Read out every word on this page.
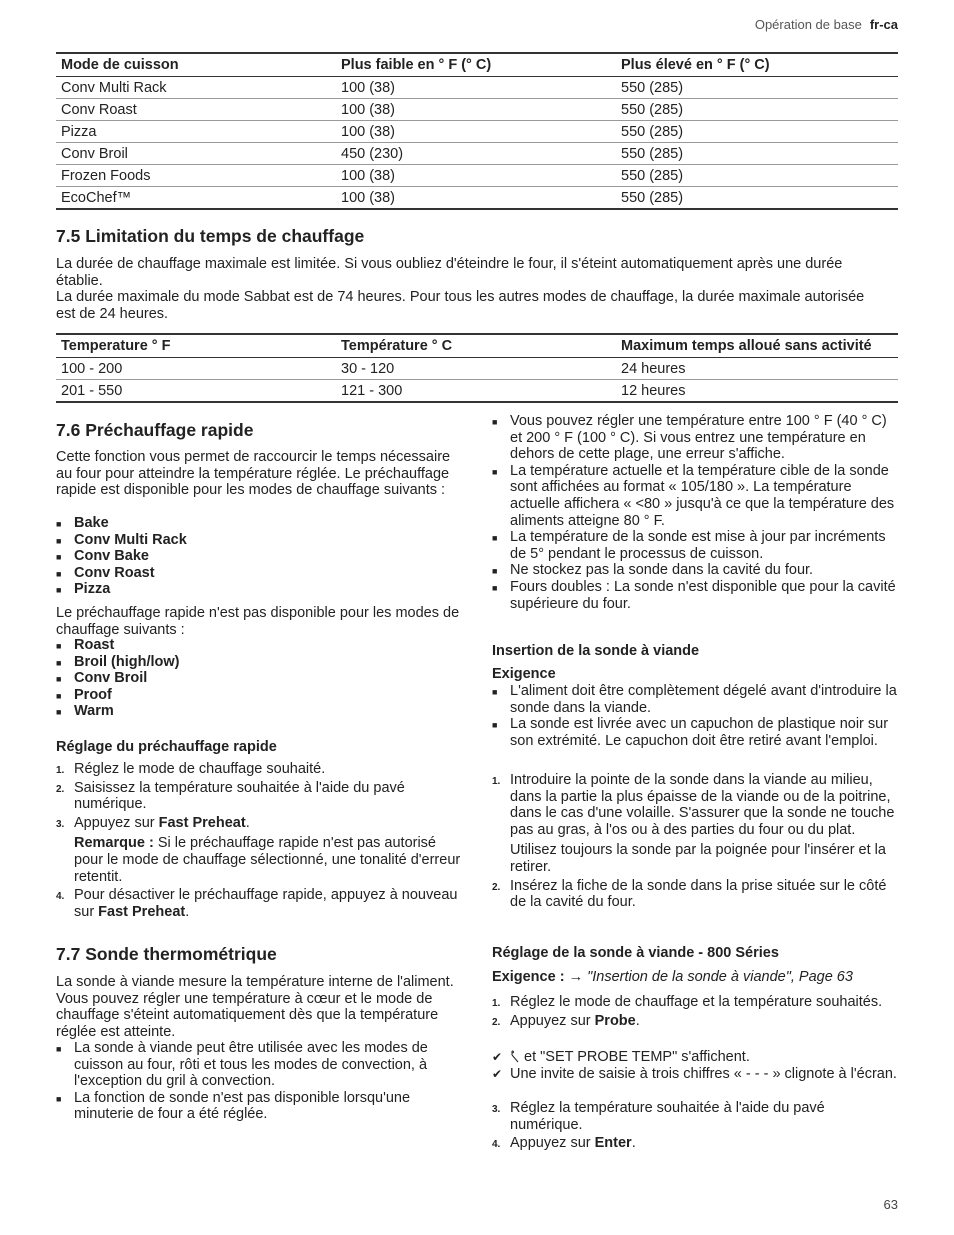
Opération de base fr-ca
Mode de cuisson	Plus faible en ° F (° C)	Plus élevé en ° F (° C)
Conv Multi Rack	100 (38)	550 (285)
Conv Roast	100 (38)	550 (285)
Pizza	100 (38)	550 (285)
Conv Broil	450 (230)	550 (285)
Frozen Foods	100 (38)	550 (285)
EcoChef™	100 (38)	550 (285)
7.5 Limitation du temps de chauffage

La durée de chauffage maximale est limitée. Si vous oubliez d'éteindre le four, il s'éteint automatiquement après une durée établie.

La durée maximale du mode Sabbat est de 74 heures. Pour tous les autres modes de chauffage, la durée maximale autorisée est de 24 heures.

Temperature ° F	Température ° C	Maximum temps alloué sans activité
100 - 200	30 - 120	24 heures
201 - 550	121 - 300	12 heures
7.6 Préchauffage rapide

Cette fonction vous permet de raccourcir le temps nécessaire au four pour atteindre la température réglée. Le préchauffage rapide est disponible pour les modes de chauffage suivants :

■ Bake
■ Conv Multi Rack
■ Conv Bake
■ Conv Roast
■ Pizza

Le préchauffage rapide n'est pas disponible pour les modes de chauffage suivants :

■ Roast
■ Broil (high/low)
■ Conv Broil
■ Proof
■ Warm
Réglage du préchauffage rapide
1. Réglez le mode de chauffage souhaité.
2. Saisissez la température souhaitée à l'aide du pavé numérique.
3. Appuyez sur Fast Preheat.
Remarque : Si le préchauffage rapide n'est pas autorisé pour le mode de chauffage sélectionné, une tonalité d'erreur retentit.
4. Pour désactiver le préchauffage rapide, appuyez à nouveau sur Fast Preheat.
7.7 Sonde thermométrique

La sonde à viande mesure la température interne de l'aliment. Vous pouvez régler une température à cœur et le mode de chauffage s'éteint automatiquement dès que la température réglée est atteinte.

■ La sonde à viande peut être utilisée avec les modes de cuisson au four, rôti et tous les modes de convection, à l'exception du gril à convection.
■ La fonction de sonde n'est pas disponible lorsqu'une minuterie de four a été réglée.
■ Vous pouvez régler une température entre 100 ° F (40 ° C) et 200 ° F (100 ° C). Si vous entrez une température en dehors de cette plage, une erreur s'affiche.
■ La température actuelle et la température cible de la sonde sont affichées au format « 105/180 ». La température actuelle affichera « <80 » jusqu'à ce que la température des aliments atteigne 80 ° F.
■ La température de la sonde est mise à jour par incréments de 5° pendant le processus de cuisson.
■ Ne stockez pas la sonde dans la cavité du four.
■ Fours doubles : La sonde n'est disponible que pour la cavité supérieure du four.
Insertion de la sonde à viande
Exigence
■ L'aliment doit être complètement dégelé avant d'introduire la sonde dans la viande.
■ La sonde est livrée avec un capuchon de plastique noir sur son extrémité. Le capuchon doit être retiré avant l'emploi.
1. Introduire la pointe de la sonde dans la viande au milieu, dans la partie la plus épaisse de la viande ou de la poitrine, dans le cas d'une volaille. S'assurer que la sonde ne touche pas au gras, à l'os ou à des parties du four ou du plat.
Utilisez toujours la sonde par la poignée pour l'insérer et la retirer.
2. Insérez la fiche de la sonde dans la prise située sur le côté de la cavité du four.
Réglage de la sonde à viande - 800 Séries
Exigence : → "Insertion de la sonde à viande", Page 63
1. Réglez le mode de chauffage et la température souhaités.
2. Appuyez sur Probe.
✔ et "SET PROBE TEMP" s'affichent.
✔ Une invite de saisie à trois chiffres « - - - » clignote à l'écran.
3. Réglez la température souhaitée à l'aide du pavé numérique.
4. Appuyez sur Enter.
63
